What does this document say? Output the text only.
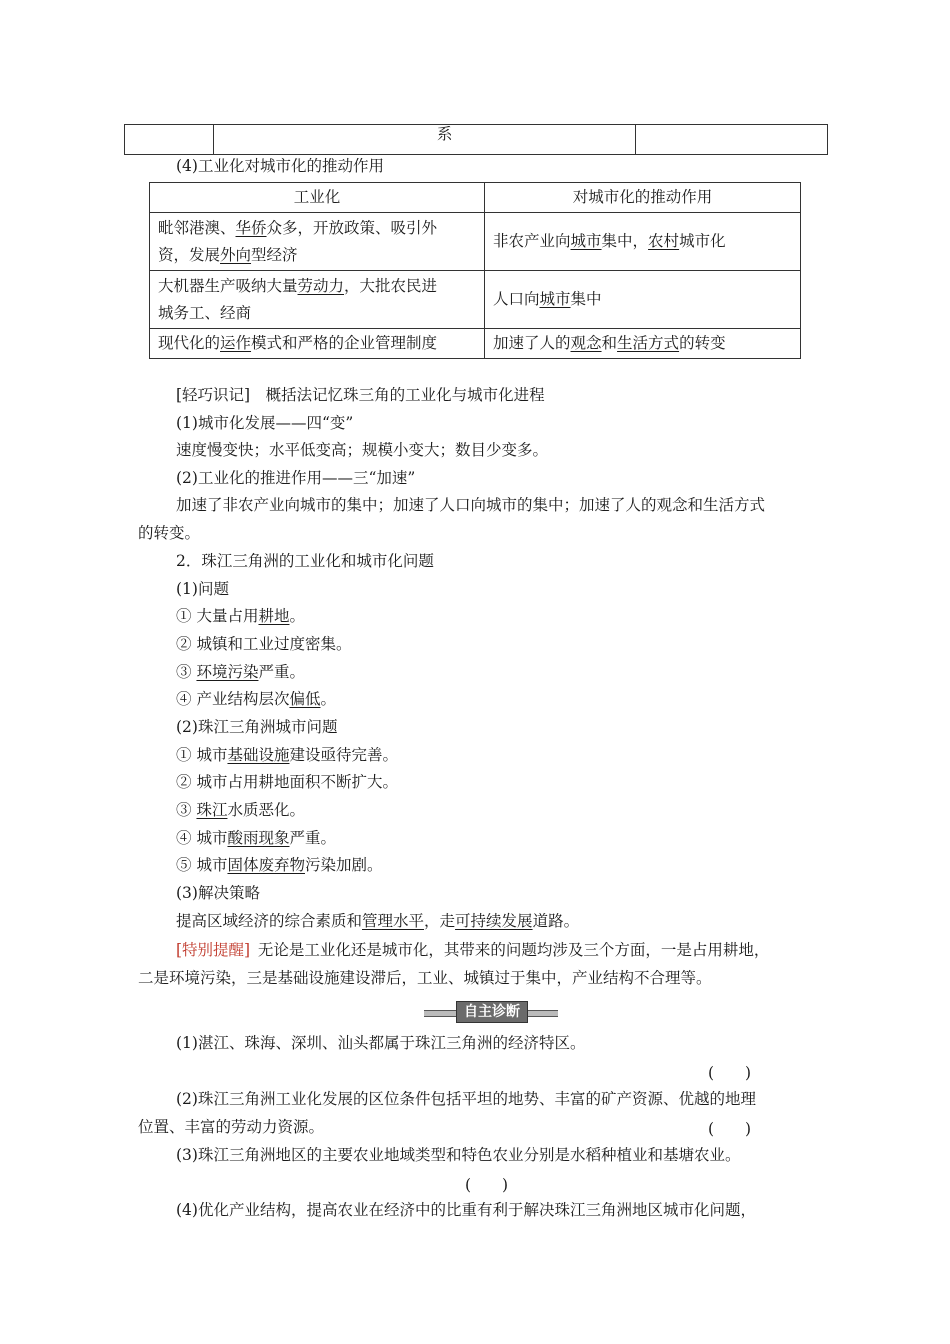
		系	
(4)工业化对城市化的推动作用
工业化	对城市化的推动作用

毗邻港澳、华侨众多，开放政策、吸引外
资，发展外向型经济	非农产业向城市集中，农村城市化

大机器生产吸纳大量劳动力，大批农民进
城务工、经商	人口向城市集中
现代化的运作模式和严格的企业管理制度	加速了人的观念和生活方式的转变
[轻巧识记]　 概括法记忆珠三角的工业化与城市化进程
(1)城市化发展——四“变”
速度慢变快；水平低变高；规模小变大；数目少变多。
(2)工业化的推进作用——三“加速”
加速了非农产业向城市的集中；加速了人口向城市的集中；加速了人的观念和生活方式
的转变。
2．珠江三角洲的工业化和城市化问题
(1)问题
① 大量占用耕地。
② 城镇和工业过度密集。
③ 环境污染严重。
④ 产业结构层次偏低。
(2)珠江三角洲城市问题
① 城市基础设施建设亟待完善。
② 城市占用耕地面积不断扩大。
③ 珠江水质恶化。
④ 城市酸雨现象严重。
⑤ 城市固体废弃物污染加剧。
(3)解决策略
提高区域经济的综合素质和管理水平，走可持续发展道路。
[特别提醒]  无论是工业化还是城市化，其带来的问题均涉及三个方面，一是占用耕地，
二是环境污染，三是基础设施建设滞后，工业、城镇过于集中，产业结构不合理等。
自主诊断
(1)湛江、珠海、深圳、汕头都属于珠江三角洲的经济特区。
(　　)
(2)珠江三角洲工业化发展的区位条件包括平坦的地势、丰富的矿产资源、优越的地理
位置、丰富的劳动力资源。	(　　)
(3)珠江三角洲地区的主要农业地域类型和特色农业分别是水稻种植业和基塘农业。
(　　)
(4)优化产业结构，提高农业在经济中的比重有利于解决珠江三角洲地区城市化问题，
